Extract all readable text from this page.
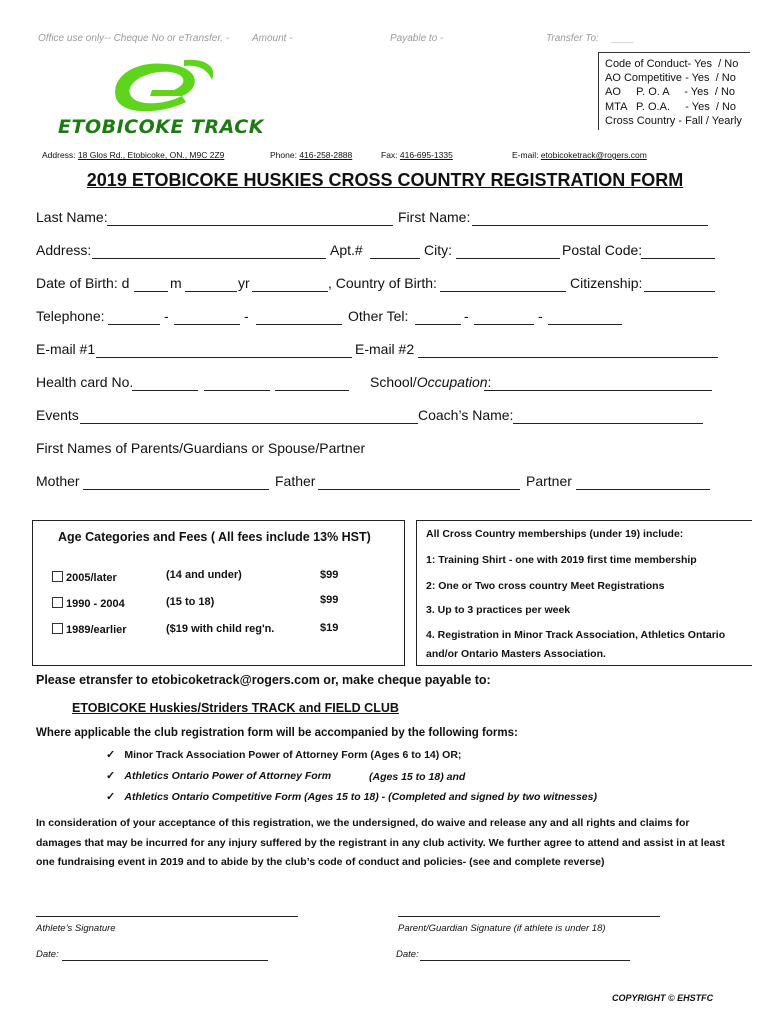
Office use only-- Cheque No or eTransfer. - Amount -	Payable to -	Transfer To: ____
Code of Conduct- Yes  / No
AO Competitive - Yes  / No
AO     P. O. A     - Yes  / No
MTA   P. O.A.     - Yes  / No
Cross Country - Fall / Yearly
ETOBICOKE TRACK
Address: 18 Glos Rd., Etobicoke, ON., M9C 2Z9	Phone: 416-258-2888	Fax: 416-695-1335	E-mail: etobicoketrack@rogers.com
2019 ETOBICOKE HUSKIES CROSS COUNTRY REGISTRATION FORM
Last Name:	First Name:
Address:	Apt.#	City:	Postal Code:
Date of Birth: d	m	yr	, Country of Birth:	Citizenship:
Telephone:	-	-	Other Tel:	-	-
E-mail #1	E-mail #2
Health card No.	School/Occupation:
Events	Coach’s Name:
First Names of Parents/Guardians or Spouse/Partner
Mother	Father	Partner
Age Categories and Fees ( All fees include 13% HST)
2005/later	(14 and under)	$99
1990 - 2004	(15 to 18)	$99
1989/earlier	($19 with child reg'n.	$19
All Cross Country memberships (under 19) include:
1: Training Shirt - one with 2019 first time membership
2: One or Two cross country Meet Registrations
3. Up to 3 practices per week
4. Registration in Minor Track Association, Athletics Ontario
and/or Ontario Masters Association.
Please etransfer to etobicoketrack@rogers.com or, make cheque payable to:
ETOBICOKE Huskies/Striders TRACK and FIELD CLUB
Where applicable the club registration form will be accompanied by the following forms:
✓ Minor Track Association Power of Attorney Form (Ages 6 to 14) OR;
✓ Athletics Ontario Power of Attorney Form	(Ages 15 to 18) and
✓ Athletics Ontario Competitive Form (Ages 15 to 18) - (Completed and signed by two witnesses)
In consideration of your acceptance of this registration, we the undersigned, do waive and release any and all rights and claims for damages that may be incurred for any injury suffered by the registrant in any club activity. We further agree to attend and assist in at least one fundraising event in 2019 and to abide by the club’s code of conduct and policies- (see and complete reverse)
Athlete’s Signature	Parent/Guardian Signature (if athlete is under 18)
Date:	Date:
COPYRIGHT © EHSTFC
